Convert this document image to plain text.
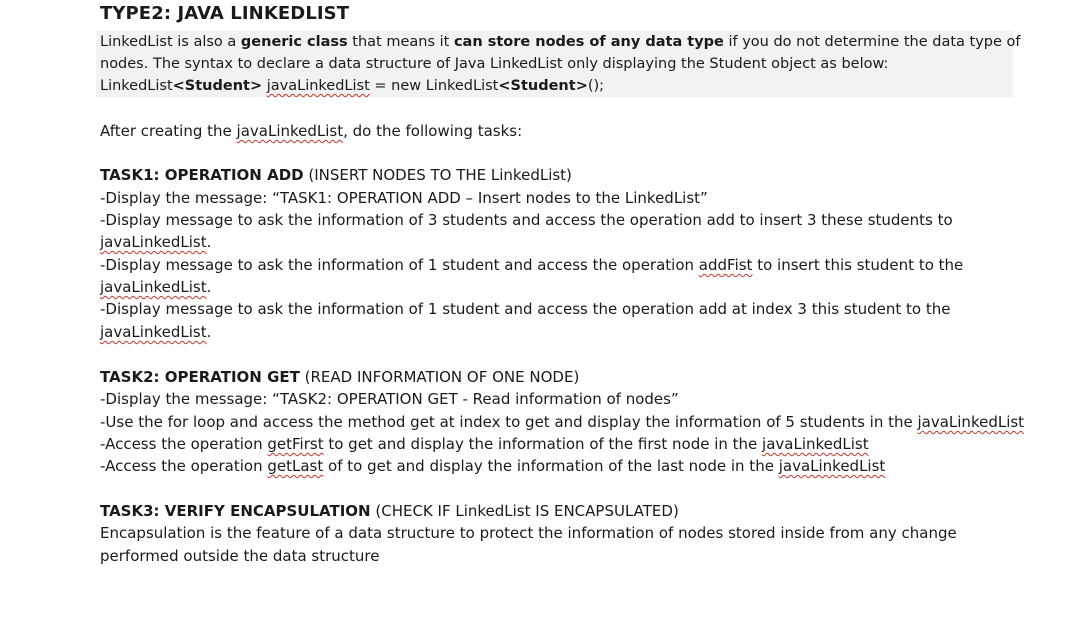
TYPE2: JAVA LINKEDLIST
LinkedList is also a generic class that means it can store nodes of any data type if you do not determine the data type of
nodes. The syntax to declare a data structure of Java LinkedList only displaying the Student object as below:
LinkedList<Student> javaLinkedList = new LinkedList<Student>();
After creating the javaLinkedList, do the following tasks:
TASK1: OPERATION ADD (INSERT NODES TO THE LinkedList)
-Display the message: “TASK1: OPERATION ADD – Insert nodes to the LinkedList”
-Display message to ask the information of 3 students and access the operation add to insert 3 these students to
javaLinkedList.
-Display message to ask the information of 1 student and access the operation addFist to insert this student to the
javaLinkedList.
-Display message to ask the information of 1 student and access the operation add at index 3 this student to the
javaLinkedList.
TASK2: OPERATION GET (READ INFORMATION OF ONE NODE)
-Display the message: “TASK2: OPERATION GET - Read information of nodes”
-Use the for loop and access the method get at index to get and display the information of 5 students in the javaLinkedList
-Access the operation getFirst to get and display the information of the first node in the javaLinkedList
-Access the operation getLast of to get and display the information of the last node in the javaLinkedList
TASK3: VERIFY ENCAPSULATION (CHECK IF LinkedList IS ENCAPSULATED)
Encapsulation is the feature of a data structure to protect the information of nodes stored inside from any change
performed outside the data structure
